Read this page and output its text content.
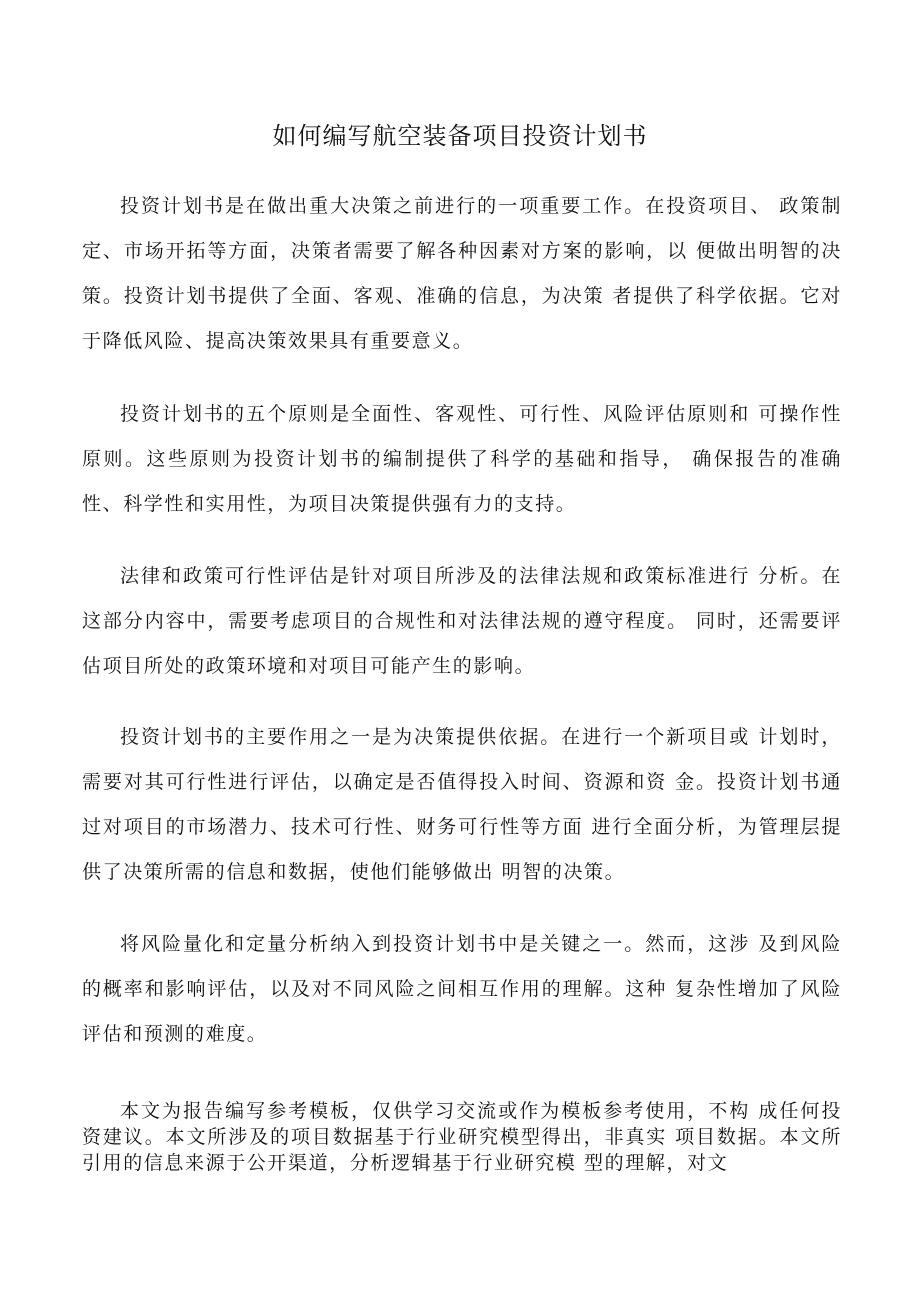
如何编写航空装备项目投资计划书

投资计划书是在做出重大决策之前进行的一项重要工作。在投资项目、 政策制定、市场开拓等方面，决策者需要了解各种因素对方案的影响，以 便做出明智的决策。投资计划书提供了全面、客观、准确的信息，为决策 者提供了科学依据。它对于降低风险、提高决策效果具有重要意义。

投资计划书的五个原则是全面性、客观性、可行性、风险评估原则和 可操作性原则。这些原则为投资计划书的编制提供了科学的基础和指导， 确保报告的准确性、科学性和实用性，为项目决策提供强有力的支持。

法律和政策可行性评估是针对项目所涉及的法律法规和政策标准进行 分析。在这部分内容中，需要考虑项目的合规性和对法律法规的遵守程度。 同时，还需要评估项目所处的政策环境和对项目可能产生的影响。

投资计划书的主要作用之一是为决策提供依据。在进行一个新项目或 计划时，需要对其可行性进行评估，以确定是否值得投入时间、资源和资 金。投资计划书通过对项目的市场潜力、技术可行性、财务可行性等方面 进行全面分析，为管理层提供了决策所需的信息和数据，使他们能够做出 明智的决策。

将风险量化和定量分析纳入到投资计划书中是关键之一。然而，这涉 及到风险的概率和影响评估，以及对不同风险之间相互作用的理解。这种 复杂性增加了风险评估和预测的难度。

本文为报告编写参考模板，仅供学习交流或作为模板参考使用，不构 成任何投资建议。本文所涉及的项目数据基于行业研究模型得出，非真实 项目数据。本文所引用的信息来源于公开渠道，分析逻辑基于行业研究模 型的理解，对文
